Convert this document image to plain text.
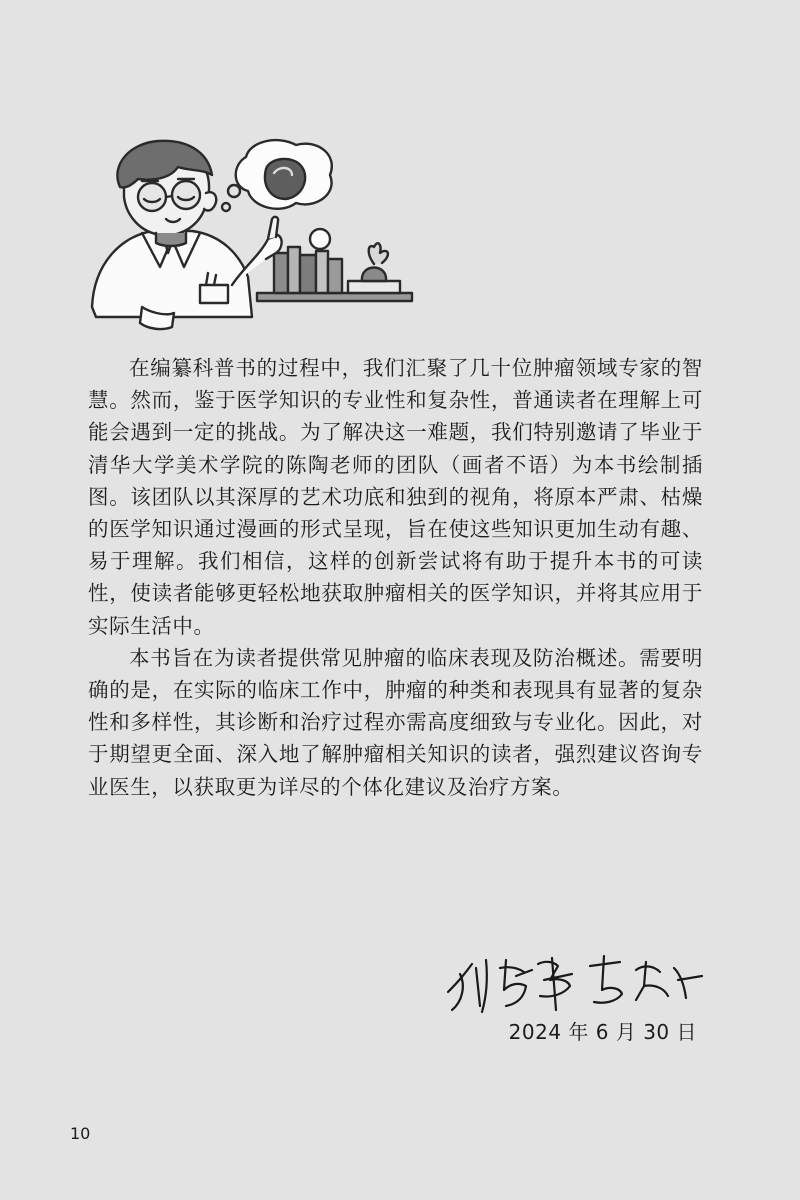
在编纂科普书的过程中，我们汇聚了几十位肿瘤领域专家的智慧。然而，鉴于医学知识的专业性和复杂性，普通读者在理解上可能会遇到一定的挑战。为了解决这一难题，我们特别邀请了毕业于清华大学美术学院的陈陶老师的团队（画者不语）为本书绘制插图。该团队以其深厚的艺术功底和独到的视角，将原本严肃、枯燥的医学知识通过漫画的形式呈现，旨在使这些知识更加生动有趣、易于理解。我们相信，这样的创新尝试将有助于提升本书的可读性，使读者能够更轻松地获取肿瘤相关的医学知识，并将其应用于实际生活中。

本书旨在为读者提供常见肿瘤的临床表现及防治概述。需要明确的是，在实际的临床工作中，肿瘤的种类和表现具有显著的复杂性和多样性，其诊断和治疗过程亦需高度细致与专业化。因此，对于期望更全面、深入地了解肿瘤相关知识的读者，强烈建议咨询专业医生，以获取更为详尽的个体化建议及治疗方案。

2024 年 6 月 30 日
10
